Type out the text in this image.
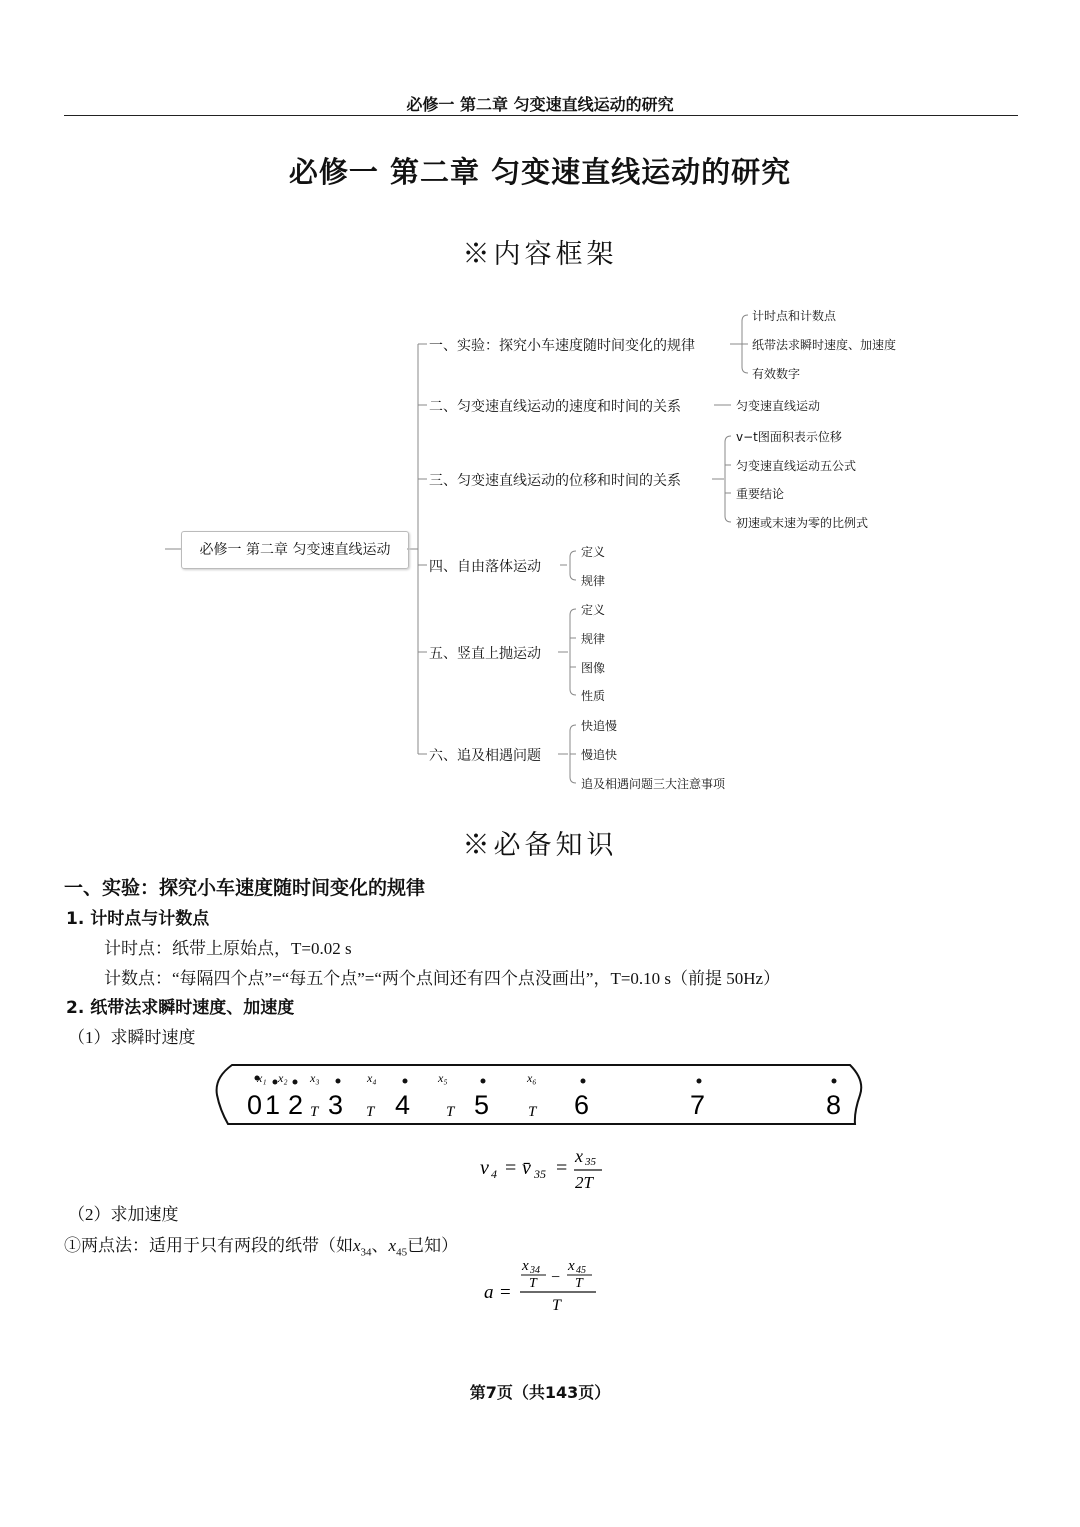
必修一 第二章 匀变速直线运动的研究
必修一 第二章 匀变速直线运动的研究
※内容框架
必修一 第二章 匀变速直线运动
一、实验：探究小车速度随时间变化的规律
计时点和计数点
纸带法求瞬时速度、加速度
有效数字
二、匀变速直线运动的速度和时间的关系	匀变速直线运动
三、匀变速直线运动的位移和时间的关系
v−t图面积表示位移
匀变速直线运动五公式
重要结论
初速或末速为零的比例式
四、自由落体运动
定义
规律
五、竖直上抛运动
定义
规律
图像
性质
六、追及相遇问题
快追慢
慢追快
追及相遇问题三大注意事项
※必备知识
一、实验：探究小车速度随时间变化的规律
1. 计时点与计数点
计时点：纸带上原始点，T=0.02 s
计数点：“每隔四个点”=“每五个点”=“两个点间还有四个点没画出”，T=0.10 s（前提 50Hz）
2. 纸带法求瞬时速度、加速度
（1）求瞬时速度
0 1 2 3 4 5	6	7	8
x₁ x₂ x₃	x₄	x₅	x₆
T	T	T	T
v 4 = v̄ 35 =
x 35
2T
（2）求加速度
①两点法：适用于只有两段的纸带（如$x_{34}$、$x_{45}$已知）
a =
x 34
T −
x 45
T
T
第7页（共143页）
